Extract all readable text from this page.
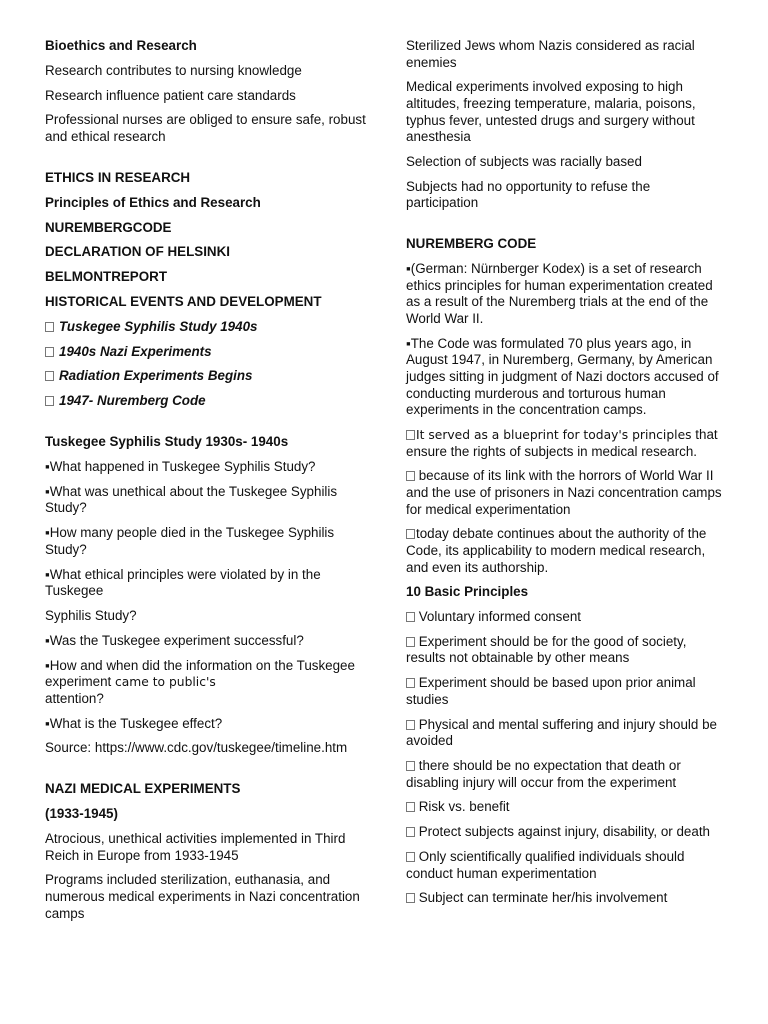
Bioethics and Research

Research contributes to nursing knowledge

Research influence patient care standards

Professional nurses are obliged to ensure safe, robust and ethical research

ETHICS IN RESEARCH

Principles of Ethics and Research

NUREMBERGCODE

DECLARATION OF HELSINKI

BELMONTREPORT

HISTORICAL EVENTS AND DEVELOPMENT

Tuskegee Syphilis Study 1940s

1940s Nazi Experiments

Radiation Experiments Begins

1947- Nuremberg Code

Tuskegee Syphilis Study 1930s- 1940s

▪What happened in Tuskegee Syphilis Study?

▪What was unethical about the Tuskegee Syphilis Study?

▪How many people died in the Tuskegee Syphilis Study?

▪What ethical principles were violated by in the Tuskegee

Syphilis Study?

▪Was the Tuskegee experiment successful?

▪How and when did the information on the Tuskegee experiment came to public's
attention?

▪What is the Tuskegee effect?

Source: https://www.cdc.gov/tuskegee/timeline.htm

NAZI MEDICAL EXPERIMENTS

(1933-1945)

Atrocious, unethical activities implemented in Third Reich in Europe from 1933-1945

Programs included sterilization, euthanasia, and numerous medical experiments in Nazi concentration camps

Sterilized Jews whom Nazis considered as racial enemies

Medical experiments involved exposing to high altitudes, freezing temperature, malaria, poisons, typhus fever, untested drugs and surgery without anesthesia

Selection of subjects was racially based

Subjects had no opportunity to refuse the participation

NUREMBERG CODE

▪(German: Nürnberger Kodex) is a set of research ethics principles for human experimentation created as a result of the Nuremberg trials at the end of the World War II.

▪The Code was formulated 70 plus years ago, in August 1947, in Nuremberg, Germany, by American judges sitting in judgment of Nazi doctors accused of conducting murderous and torturous human experiments in the concentration camps.

It served as a blueprint for today's principles that ensure the rights of subjects in medical research.

because of its link with the horrors of World War II and the use of prisoners in Nazi concentration camps for medical experimentation

today debate continues about the authority of the Code, its applicability to modern medical research, and even its authorship.

10 Basic Principles

Voluntary informed consent

Experiment should be for the good of society, results not obtainable by other means

Experiment should be based upon prior animal studies

Physical and mental suffering and injury should be avoided

there should be no expectation that death or disabling injury will occur from the experiment

Risk vs. benefit

Protect subjects against injury, disability, or death

Only scientifically qualified individuals should conduct human experimentation

Subject can terminate her/his involvement
